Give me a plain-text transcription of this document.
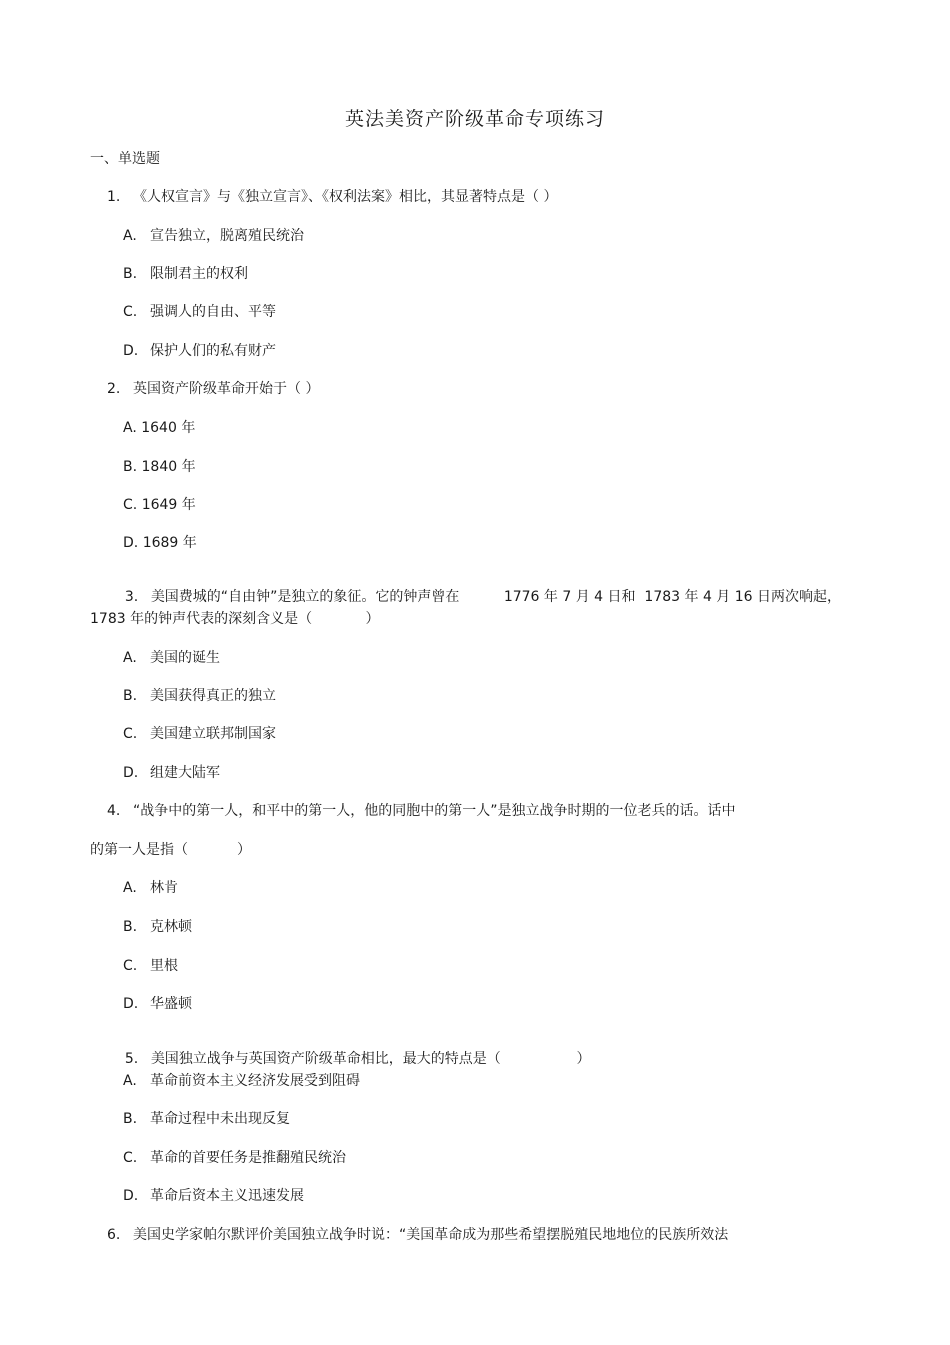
英法美资产阶级革命专项练习
一、单选题
1. 《人权宣言》与《独立宣言》、《权利法案》相比，其显著特点是（ ）
A. 宣告独立，脱离殖民统治
B. 限制君主的权利
C. 强调人的自由、平等
D. 保护人们的私有财产
2. 英国资产阶级革命开始于（ ）
A. 1640 年
B. 1840 年
C. 1649 年
D. 1689 年

3. 美国费城的“自由钟”是独立的象征。它的钟声曾在          1776 年 7 月 4 日和  1783 年 4 月 16 日两次响起，

1783 年的钟声代表的深刻含义是（            ）
A. 美国的诞生
B. 美国获得真正的独立
C. 美国建立联邦制国家
D. 组建大陆军
4. “战争中的第一人，和平中的第一人，他的同胞中的第一人”是独立战争时期的一位老兵的话。话中
的第一人是指（           ）
A. 林肯
B. 克林顿
C. 里根
D. 华盛顿

5. 美国独立战争与英国资产阶级革命相比，最大的特点是（                 ）

A. 革命前资本主义经济发展受到阻碍
B. 革命过程中未出现反复
C. 革命的首要任务是推翻殖民统治
D. 革命后资本主义迅速发展
6. 美国史学家帕尔默评价美国独立战争时说：“美国革命成为那些希望摆脱殖民地地位的民族所效法
